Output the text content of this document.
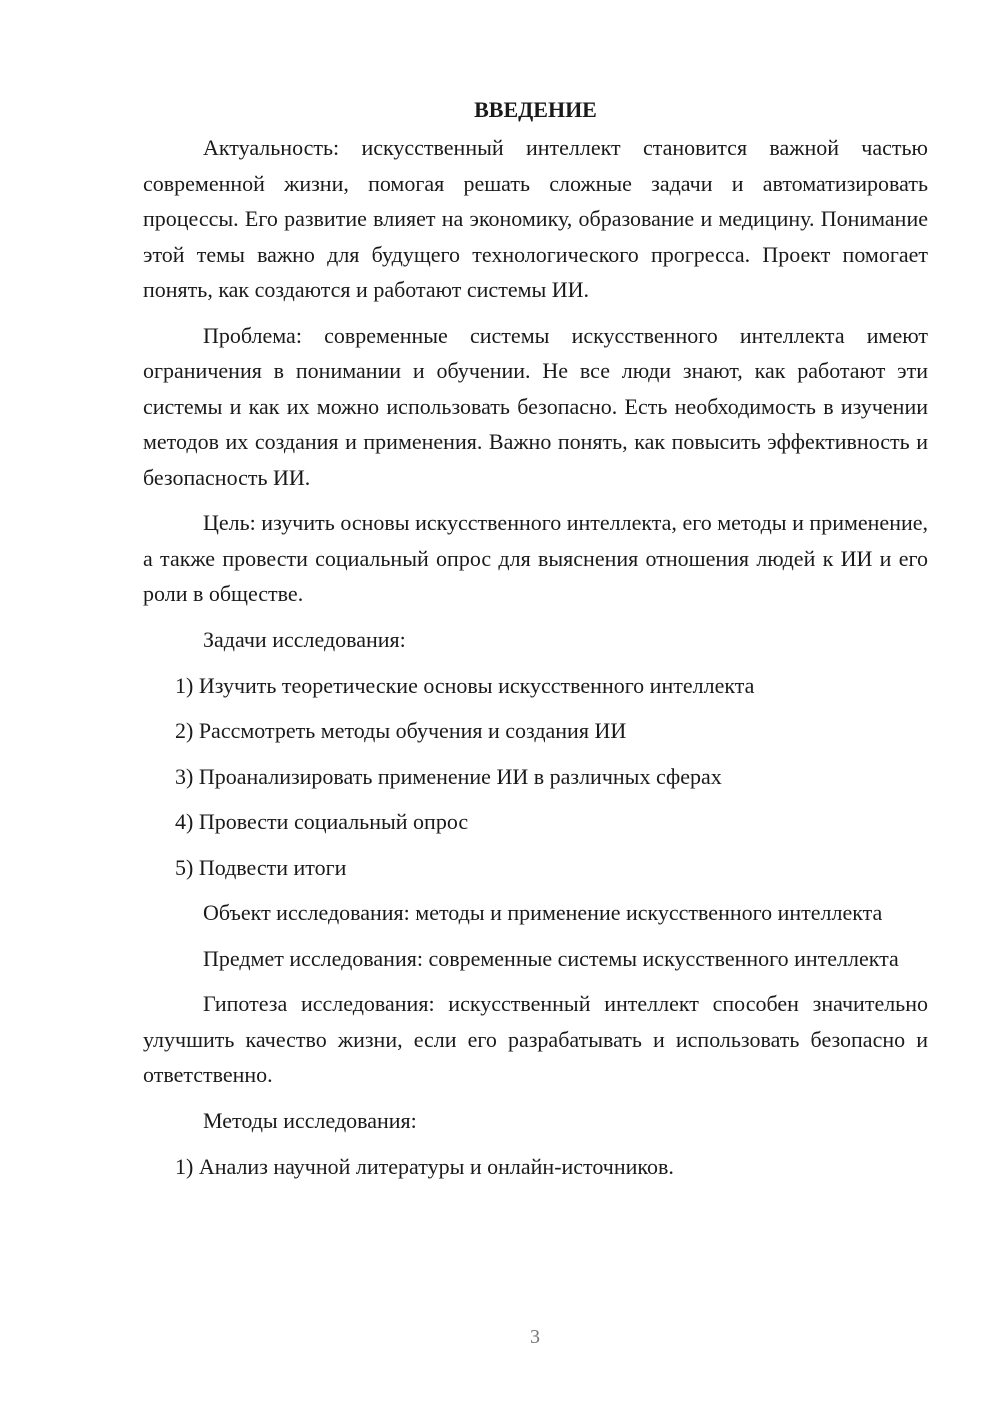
ВВЕДЕНИЕ

Актуальность: искусственный интеллект становится важной частью современной жизни, помогая решать сложные задачи и автоматизировать процессы. Его развитие влияет на экономику, образование и медицину. Понимание этой темы важно для будущего технологического прогресса. Проект помогает понять, как создаются и работают системы ИИ.

Проблема: современные системы искусственного интеллекта имеют ограничения в понимании и обучении. Не все люди знают, как работают эти системы и как их можно использовать безопасно. Есть необходимость в изучении методов их создания и применения. Важно понять, как повысить эффективность и безопасность ИИ.

Цель: изучить основы искусственного интеллекта, его методы и применение, а также провести социальный опрос для выяснения отношения людей к ИИ и его роли в обществе.

Задачи исследования:
1) Изучить теоретические основы искусственного интеллекта
2) Рассмотреть методы обучения и создания ИИ
3) Проанализировать применение ИИ в различных сферах
4) Провести социальный опрос
5) Подвести итоги

Объект исследования: методы и применение искусственного интеллекта

Предмет исследования: современные системы искусственного интеллекта

Гипотеза исследования: искусственный интеллект способен значительно улучшить качество жизни, если его разрабатывать и использовать безопасно и ответственно.

Методы исследования:
1) Анализ научной литературы и онлайн-источников.
3
